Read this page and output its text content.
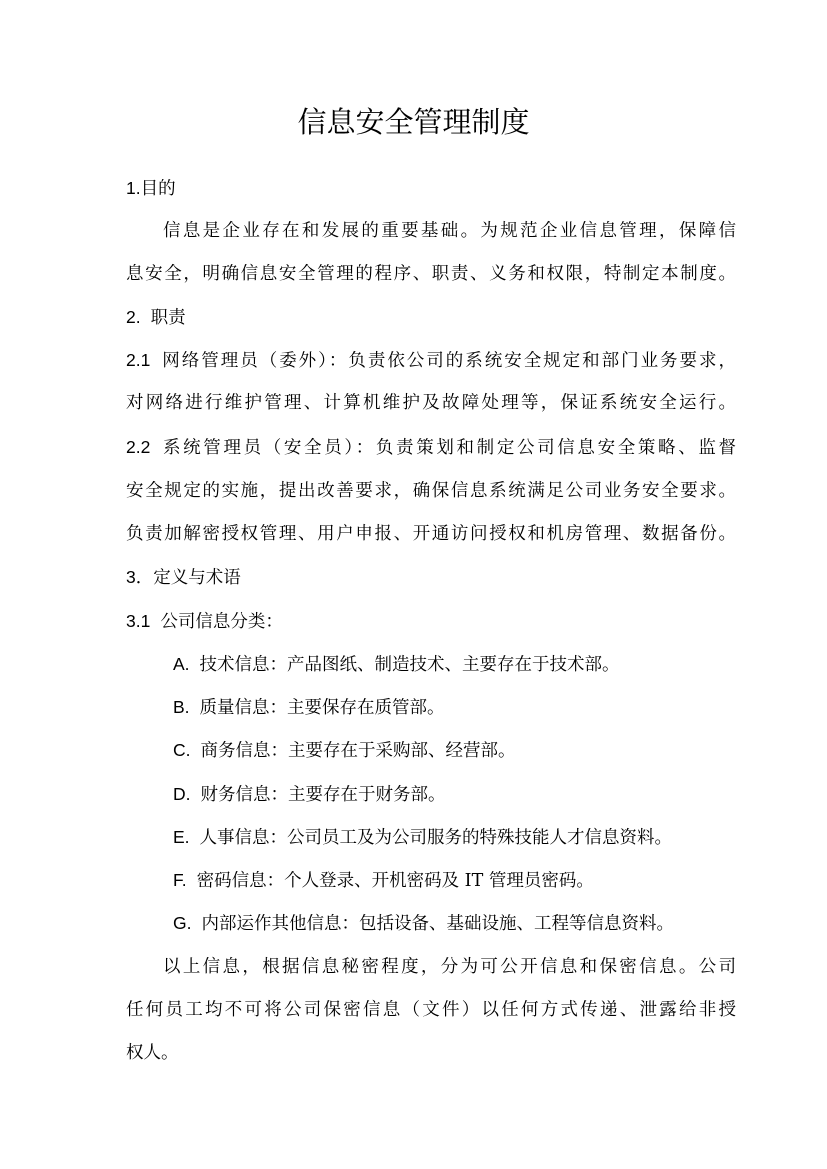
信息安全管理制度
1.目的
信息是企业存在和发展的重要基础。为规范企业信息管理，保障信
息安全，明确信息安全管理的程序、职责、义务和权限，特制定本制度。
2. 职责
2.1 网络管理员（委外）：负责依公司的系统安全规定和部门业务要求，
对网络进行维护管理、计算机维护及故障处理等，保证系统安全运行。
2.2 系统管理员（安全员）：负责策划和制定公司信息安全策略、监督
安全规定的实施，提出改善要求，确保信息系统满足公司业务安全要求。
负责加解密授权管理、用户申报、开通访问授权和机房管理、数据备份。
3．定义与术语
3.1 公司信息分类：
A. 技术信息：产品图纸、制造技术、主要存在于技术部。
B. 质量信息：主要保存在质管部。
C. 商务信息：主要存在于采购部、经营部。
D. 财务信息：主要存在于财务部。
E. 人事信息：公司员工及为公司服务的特殊技能人才信息资料。
F. 密码信息：个人登录、开机密码及 IT 管理员密码。
G. 内部运作其他信息：包括设备、基础设施、工程等信息资料。
以上信息，根据信息秘密程度，分为可公开信息和保密信息。公司
任何员工均不可将公司保密信息（文件）以任何方式传递、泄露给非授
权人。
